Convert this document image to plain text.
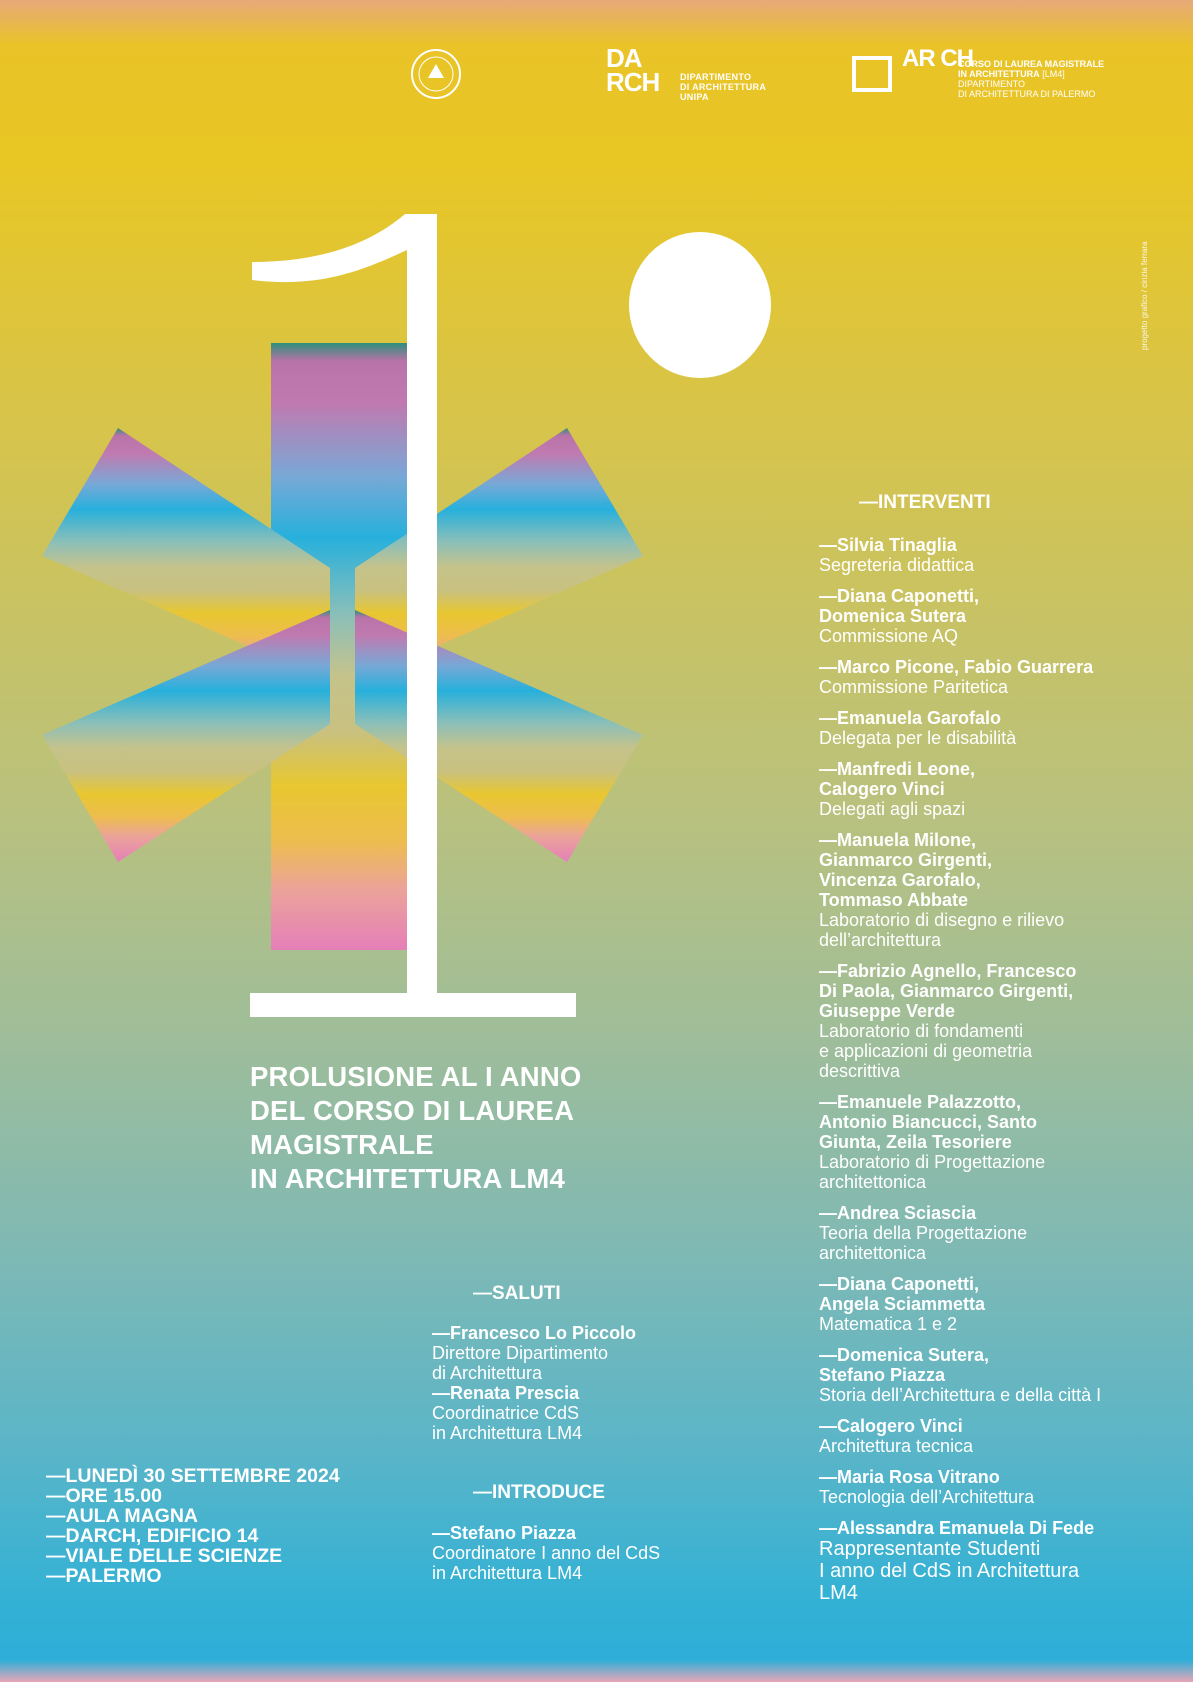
DA RCH	DIPARTIMENTO
DI ARCHITETTURA
UNIPA
AR CH
CORSO DI LAUREA MAGISTRALE
IN ARCHITETTURA [LM4]
DIPARTIMENTO
DI ARCHITETTURA DI PALERMO
progetto grafico / cinzia ferrara
PROLUSIONE AL I ANNO
DEL CORSO DI LAUREA
MAGISTRALE
IN ARCHITETTURA LM4
—LUNEDÌ 30 SETTEMBRE 2024
—ORE 15.00
—AULA MAGNA
—DARCH, EDIFICIO 14
—VIALE DELLE SCIENZE
—PALERMO
—SALUTI
—Francesco Lo Piccolo
Direttore Dipartimento
di Architettura
—Renata Prescia
Coordinatrice CdS
in Architettura LM4
—INTRODUCE
—Stefano Piazza
Coordinatore I anno del CdS
in Architettura LM4
—INTERVENTI
—Silvia Tinaglia
Segreteria didattica
—Diana Caponetti,
Domenica Sutera
Commissione AQ
—Marco Picone, Fabio Guarrera
Commissione Paritetica
—Emanuela Garofalo
Delegata per le disabilità
—Manfredi Leone,
Calogero Vinci
Delegati agli spazi
—Manuela Milone,
Gianmarco Girgenti,
Vincenza Garofalo,
Tommaso Abbate
Laboratorio di disegno e rilievo
dell’architettura
—Fabrizio Agnello, Francesco
Di Paola, Gianmarco Girgenti,
Giuseppe Verde
Laboratorio di fondamenti
e applicazioni di geometria
descrittiva
—Emanuele Palazzotto,
Antonio Biancucci, Santo
Giunta, Zeila Tesoriere
Laboratorio di Progettazione
architettonica
—Andrea Sciascia
Teoria della Progettazione
architettonica
—Diana Caponetti,
Angela Sciammetta
Matematica 1 e 2
—Domenica Sutera,
Stefano Piazza
Storia dell’Architettura e della città I
—Calogero Vinci
Architettura tecnica
—Maria Rosa Vitrano
Tecnologia dell’Architettura
—Alessandra Emanuela Di Fede
Rappresentante Studenti
I anno del CdS in Architettura
LM4
